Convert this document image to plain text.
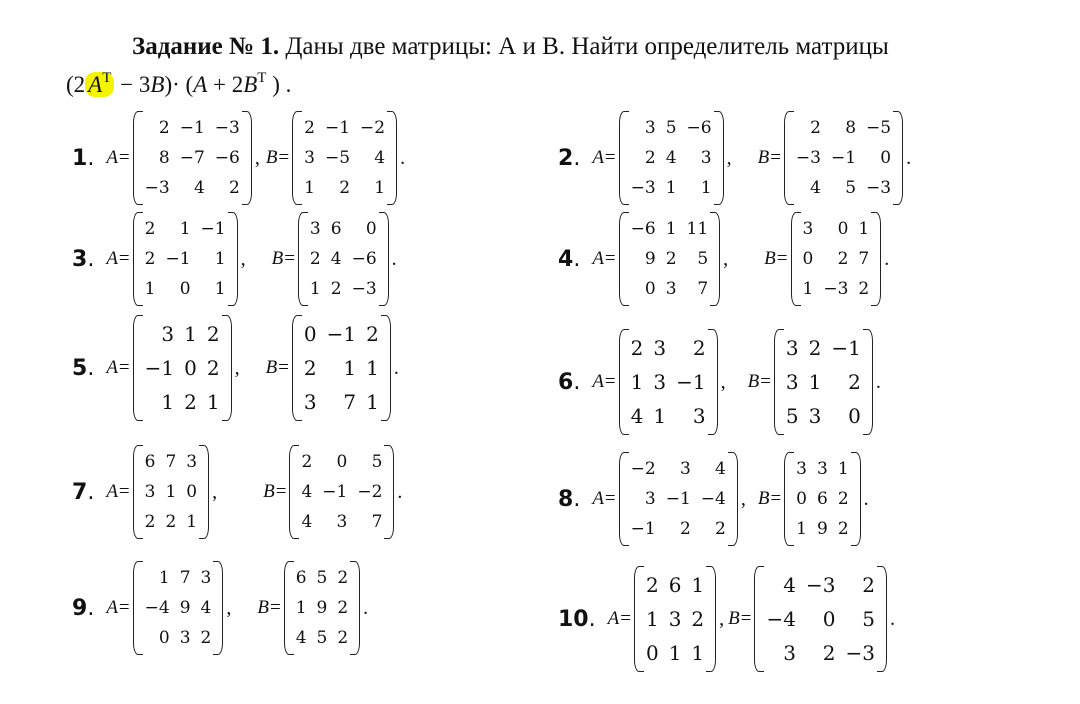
Задание № 1. Даны две матрицы: А и В. Найти определитель матрицы
(2 $A^T - 3B)\cdot (A + 2B^T$ ) .
1. A =
2 −1 −3
8 −7 −6
−3	4	2
, B =
2 −1 −2
3 −5	4
1	2	1
.	2. A =
3 5 −6
2 4	3
−3 1	1
, B =
2	8 −5
−3 −1	0
4	5 −3
.
3. A =
2	1 −1
2 −1	1
1	0	1
, B =
3 6	0
2 4 −6
1 2 −3
.	4. A =
−6 1 11
9 2	5
0 3	7
, B =
3	0 1
0	2 7
1 −3 2
.
5. A =
3 1 2
−1 0 2
1 2 1
, B =
0 −1 2
2	1 1
3	7 1
.
6. A =
2 3	2
1 3 −1
4 1	3
, B =
3 2 −1
3 1	2
5 3	0
.
7. A =
6 7 3
3 1 0
2 2 1
, B =
2	0	5
4 −1 −2
4	3	7
.	8. A =
−2	3	4
3 −1 −4
−1	2	2
, B =
3 3 1
0 6 2
1 9 2
.
9. A =
1 7 3
−4 9 4
0 3 2
, B =
6 5 2
1 9 2
4 5 2
.	10. A =
2 6 1
1 3 2
0 1 1
, B =
4 −3	2
−4	0	5
3	2 −3
.
